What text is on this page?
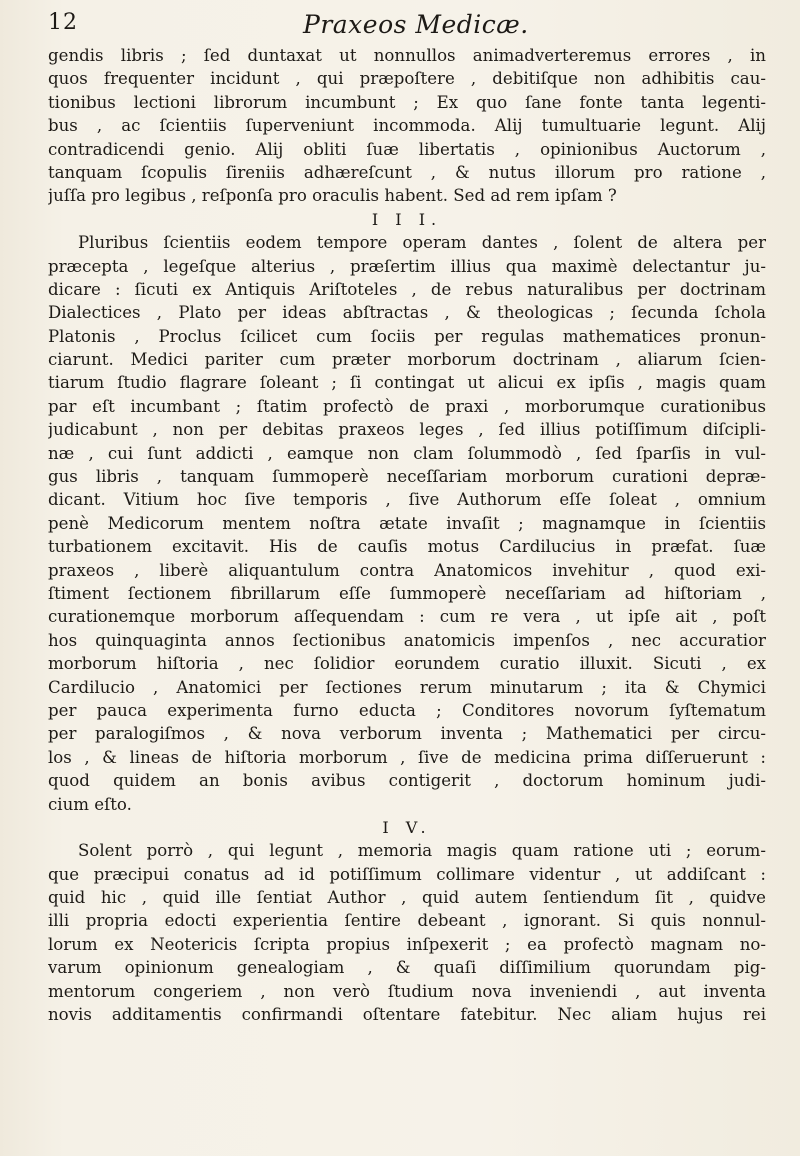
12	Praxeos Medicæ.
gendis libris ; ſed duntaxat ut nonnullos animadverteremus errores , in
quos frequenter incidunt , qui præpoſtere , debitiſque non adhibitis cau-
tionibus lectioni librorum incumbunt ; Ex quo ſane fonte tanta legenti-
bus , ac ſcientiis ſuperveniunt incommoda. Alij tumultuarie legunt. Alij
contradicendi genio. Alij obliti ſuæ libertatis , opinionibus Auctorum ,
tanquam ſcopulis ſireniis adhæreſcunt , & nutus illorum pro ratione ,
juſſa pro legibus , reſponſa pro oraculis habent. Sed ad rem ipſam ?
I I I.
Pluribus ſcientiis eodem tempore operam dantes , ſolent de altera per
præcepta , legeſque alterius , præſertim illius qua maximè delectantur ju-
dicare : ſicuti ex Antiquis Ariſtoteles , de rebus naturalibus per doctrinam
Dialectices , Plato per ideas abſtractas , & theologicas ; ſecunda ſchola
Platonis , Proclus ſcilicet cum ſociis per regulas mathematices pronun-
ciarunt. Medici pariter cum præter morborum doctrinam , aliarum ſcien-
tiarum ſtudio flagrare ſoleant ; ſi contingat ut alicui ex ipſis , magis quam
par eſt incumbant ; ſtatim profectò de praxi , morborumque curationibus
judicabunt , non per debitas praxeos leges , ſed illius potiſſimum diſcipli-
næ , cui ſunt addicti , eamque non clam ſolummodò , ſed ſparſis in vul-
gus libris , tanquam ſummoperè neceſſariam morborum curationi depræ-
dicant. Vitium hoc ſive temporis , ſive Authorum eſſe ſoleat , omnium
penè Medicorum mentem noſtra ætate invaſit ; magnamque in ſcientiis
turbationem excitavit. His de cauſis motus Cardilucius in præfat. ſuæ
praxeos , liberè aliquantulum contra Anatomicos invehitur , quod exi-
ſtiment ſectionem fibrillarum eſſe ſummoperè neceſſariam ad hiſtoriam ,
curationemque morborum aſſequendam : cum re vera , ut ipſe ait , poſt
hos quinquaginta annos ſectionibus anatomicis impenſos , nec accuratior
morborum hiſtoria , nec ſolidior eorundem curatio illuxit. Sicuti , ex
Cardilucio , Anatomici per ſectiones rerum minutarum ; ita & Chymici
per pauca experimenta furno educta ; Conditores novorum ſyſtematum
per paralogiſmos , & nova verborum inventa ; Mathematici per circu-
los , & lineas de hiſtoria morborum , ſive de medicina prima diſſeruerunt :
quod quidem an bonis avibus contigerit , doctorum hominum judi-
cium eſto.
I V.
Solent porrò , qui legunt , memoria magis quam ratione uti ; eorum-
que præcipui conatus ad id potiſſimum collimare videntur , ut addiſcant :
quid hic , quid ille ſentiat Author , quid autem ſentiendum ſit , quidve
illi propria edocti experientia ſentire debeant , ignorant. Si quis nonnul-
lorum ex Neotericis ſcripta propius inſpexerit ; ea profectò magnam no-
varum opinionum genealogiam , & quaſi diſſimilium quorundam pig-
mentorum congeriem , non verò ſtudium nova inveniendi , aut inventa
novis additamentis confirmandi oſtentare fatebitur. Nec aliam hujus rei
